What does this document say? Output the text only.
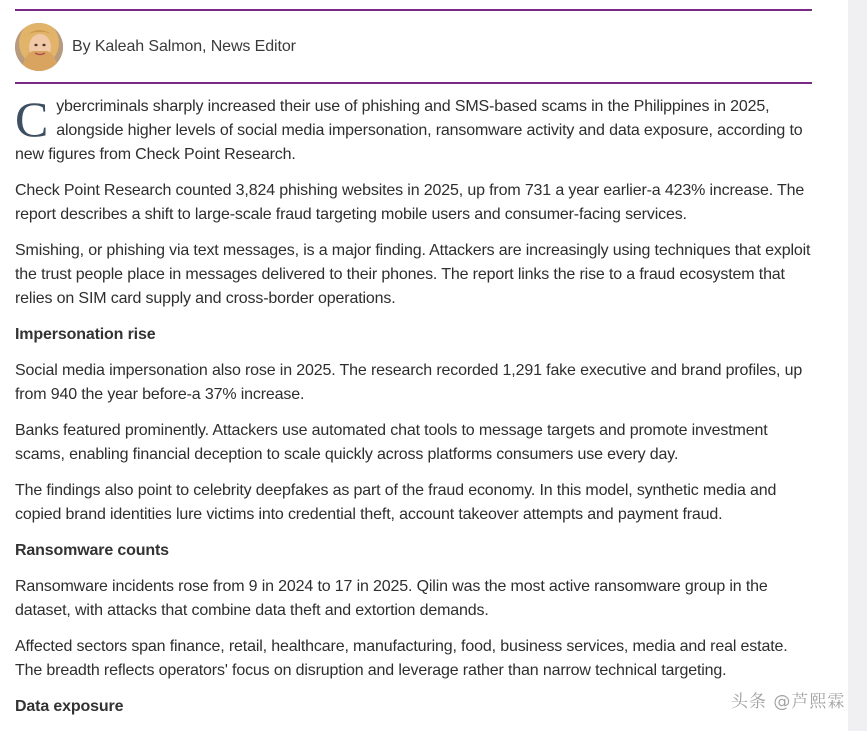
By Kaleah Salmon, News Editor

Cybercriminals sharply increased their use of phishing and SMS-based scams in the Philippines in 2025, alongside higher levels of social media impersonation, ransomware activity and data exposure, according to new figures from Check Point Research.

Check Point Research counted 3,824 phishing websites in 2025, up from 731 a year earlier-a 423% increase. The report describes a shift to large-scale fraud targeting mobile users and consumer-facing services.

Smishing, or phishing via text messages, is a major finding. Attackers are increasingly using techniques that exploit the trust people place in messages delivered to their phones. The report links the rise to a fraud ecosystem that relies on SIM card supply and cross-border operations.

Impersonation rise

Social media impersonation also rose in 2025. The research recorded 1,291 fake executive and brand profiles, up from 940 the year before-a 37% increase.

Banks featured prominently. Attackers use automated chat tools to message targets and promote investment scams, enabling financial deception to scale quickly across platforms consumers use every day.

The findings also point to celebrity deepfakes as part of the fraud economy. In this model, synthetic media and copied brand identities lure victims into credential theft, account takeover attempts and payment fraud.

Ransomware counts

Ransomware incidents rose from 9 in 2024 to 17 in 2025. Qilin was the most active ransomware group in the dataset, with attacks that combine data theft and extortion demands.

Affected sectors span finance, retail, healthcare, manufacturing, food, business services, media and real estate. The breadth reflects operators' focus on disruption and leverage rather than narrow technical targeting.

Data exposure	头条 @芦熙霖
